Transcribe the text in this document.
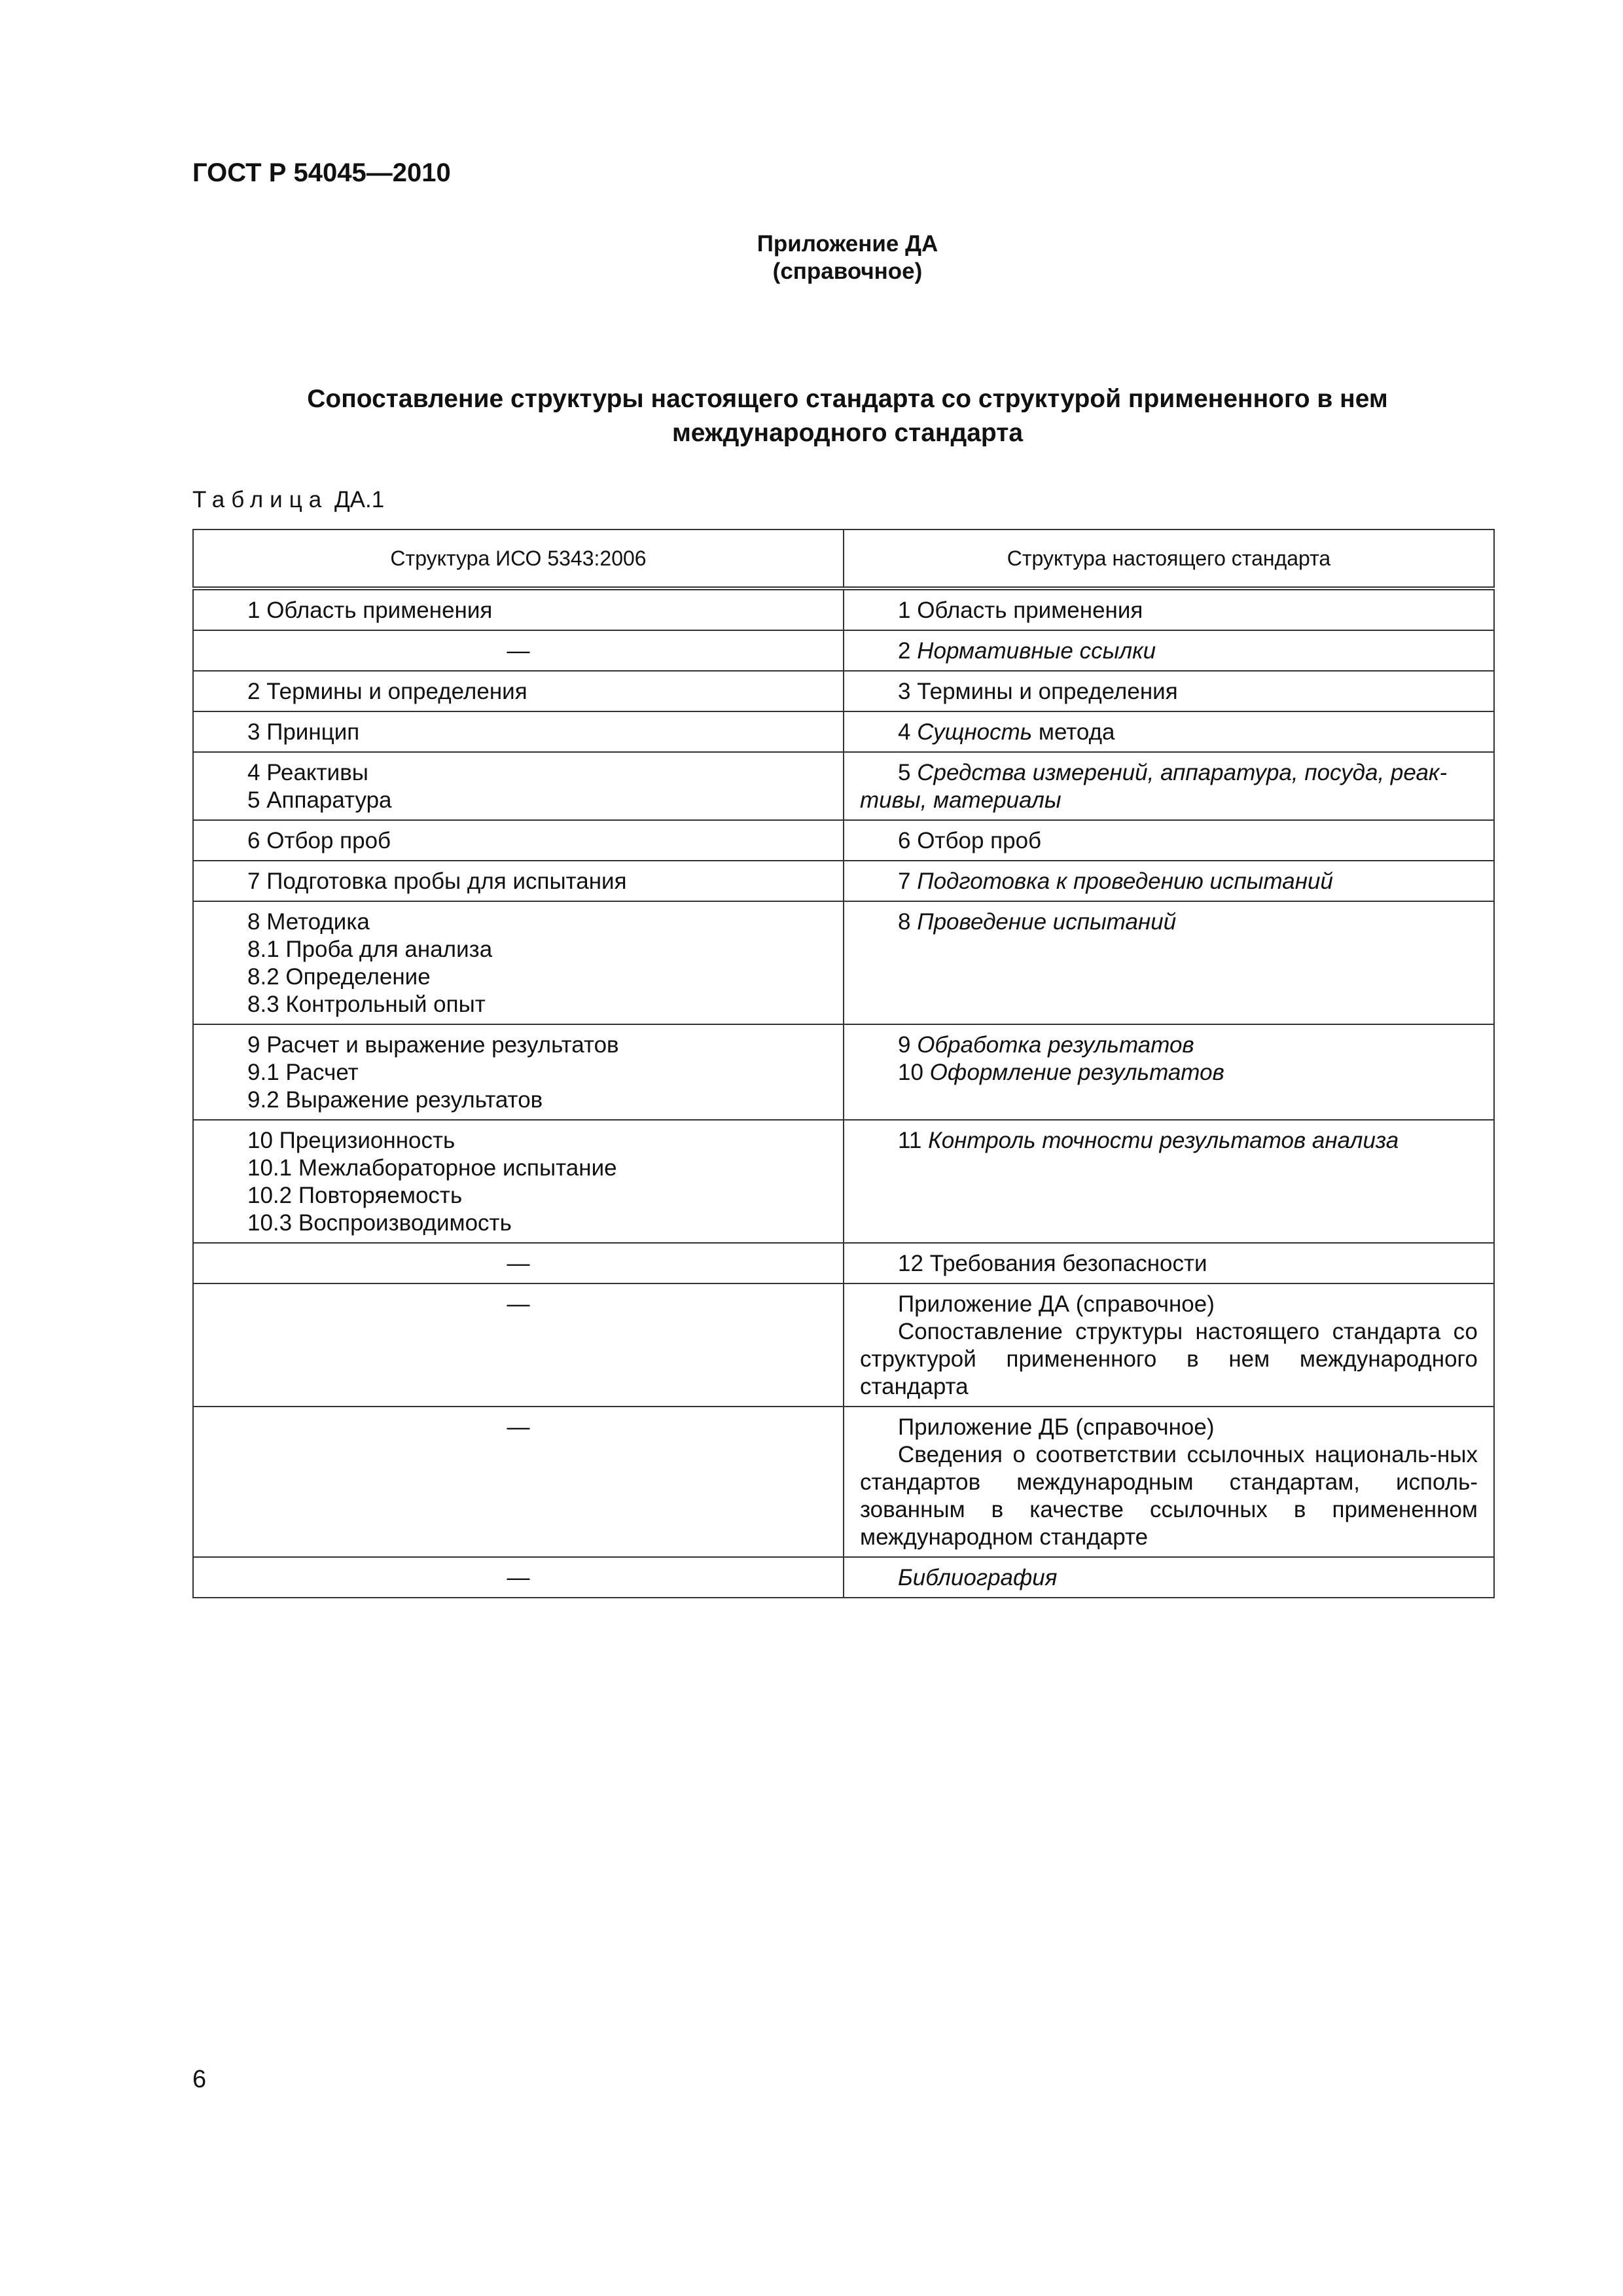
ГОСТ Р 54045—2010
Приложение ДА
(справочное)
Сопоставление структуры настоящего стандарта со структурой примененного в нем
международного стандарта
Таблица ДА.1
Структура ИСО 5343:2006	Структура настоящего стандарта

1 Область применения	1 Область применения

—	2 Нормативные ссылки

2 Термины и определения	3 Термины и определения

3 Принцип	4 Сущность метода

4 Реактивы
5 Аппаратура	5 Средства измерений, аппаратура, посуда, реак-
тивы, материалы

6 Отбор проб	6 Отбор проб

7 Подготовка пробы для испытания	7 Подготовка к проведению испытаний

8 Методика
8.1 Проба для анализа
8.2 Определение
8.3 Контрольный опыт	8 Проведение испытаний

9 Расчет и выражение результатов
9.1 Расчет
9.2 Выражение результатов	9 Обработка результатов
10 Оформление результатов

10 Прецизионность
10.1 Межлабораторное испытание
10.2 Повторяемость
10.3 Воспроизводимость	11 Контроль точности результатов анализа
—	12 Требования безопасности

—	Приложение ДА (справочное)
Сопоставление структуры настоящего стандарта со структурой примененного в нем международного стандарта

—	Приложение ДБ (справочное)
Сведения о соответствии ссылочных националь-ных стандартов международным стандартам, исполь-зованным в качестве ссылочных в примененном международном стандарте

—	Библиография
6
